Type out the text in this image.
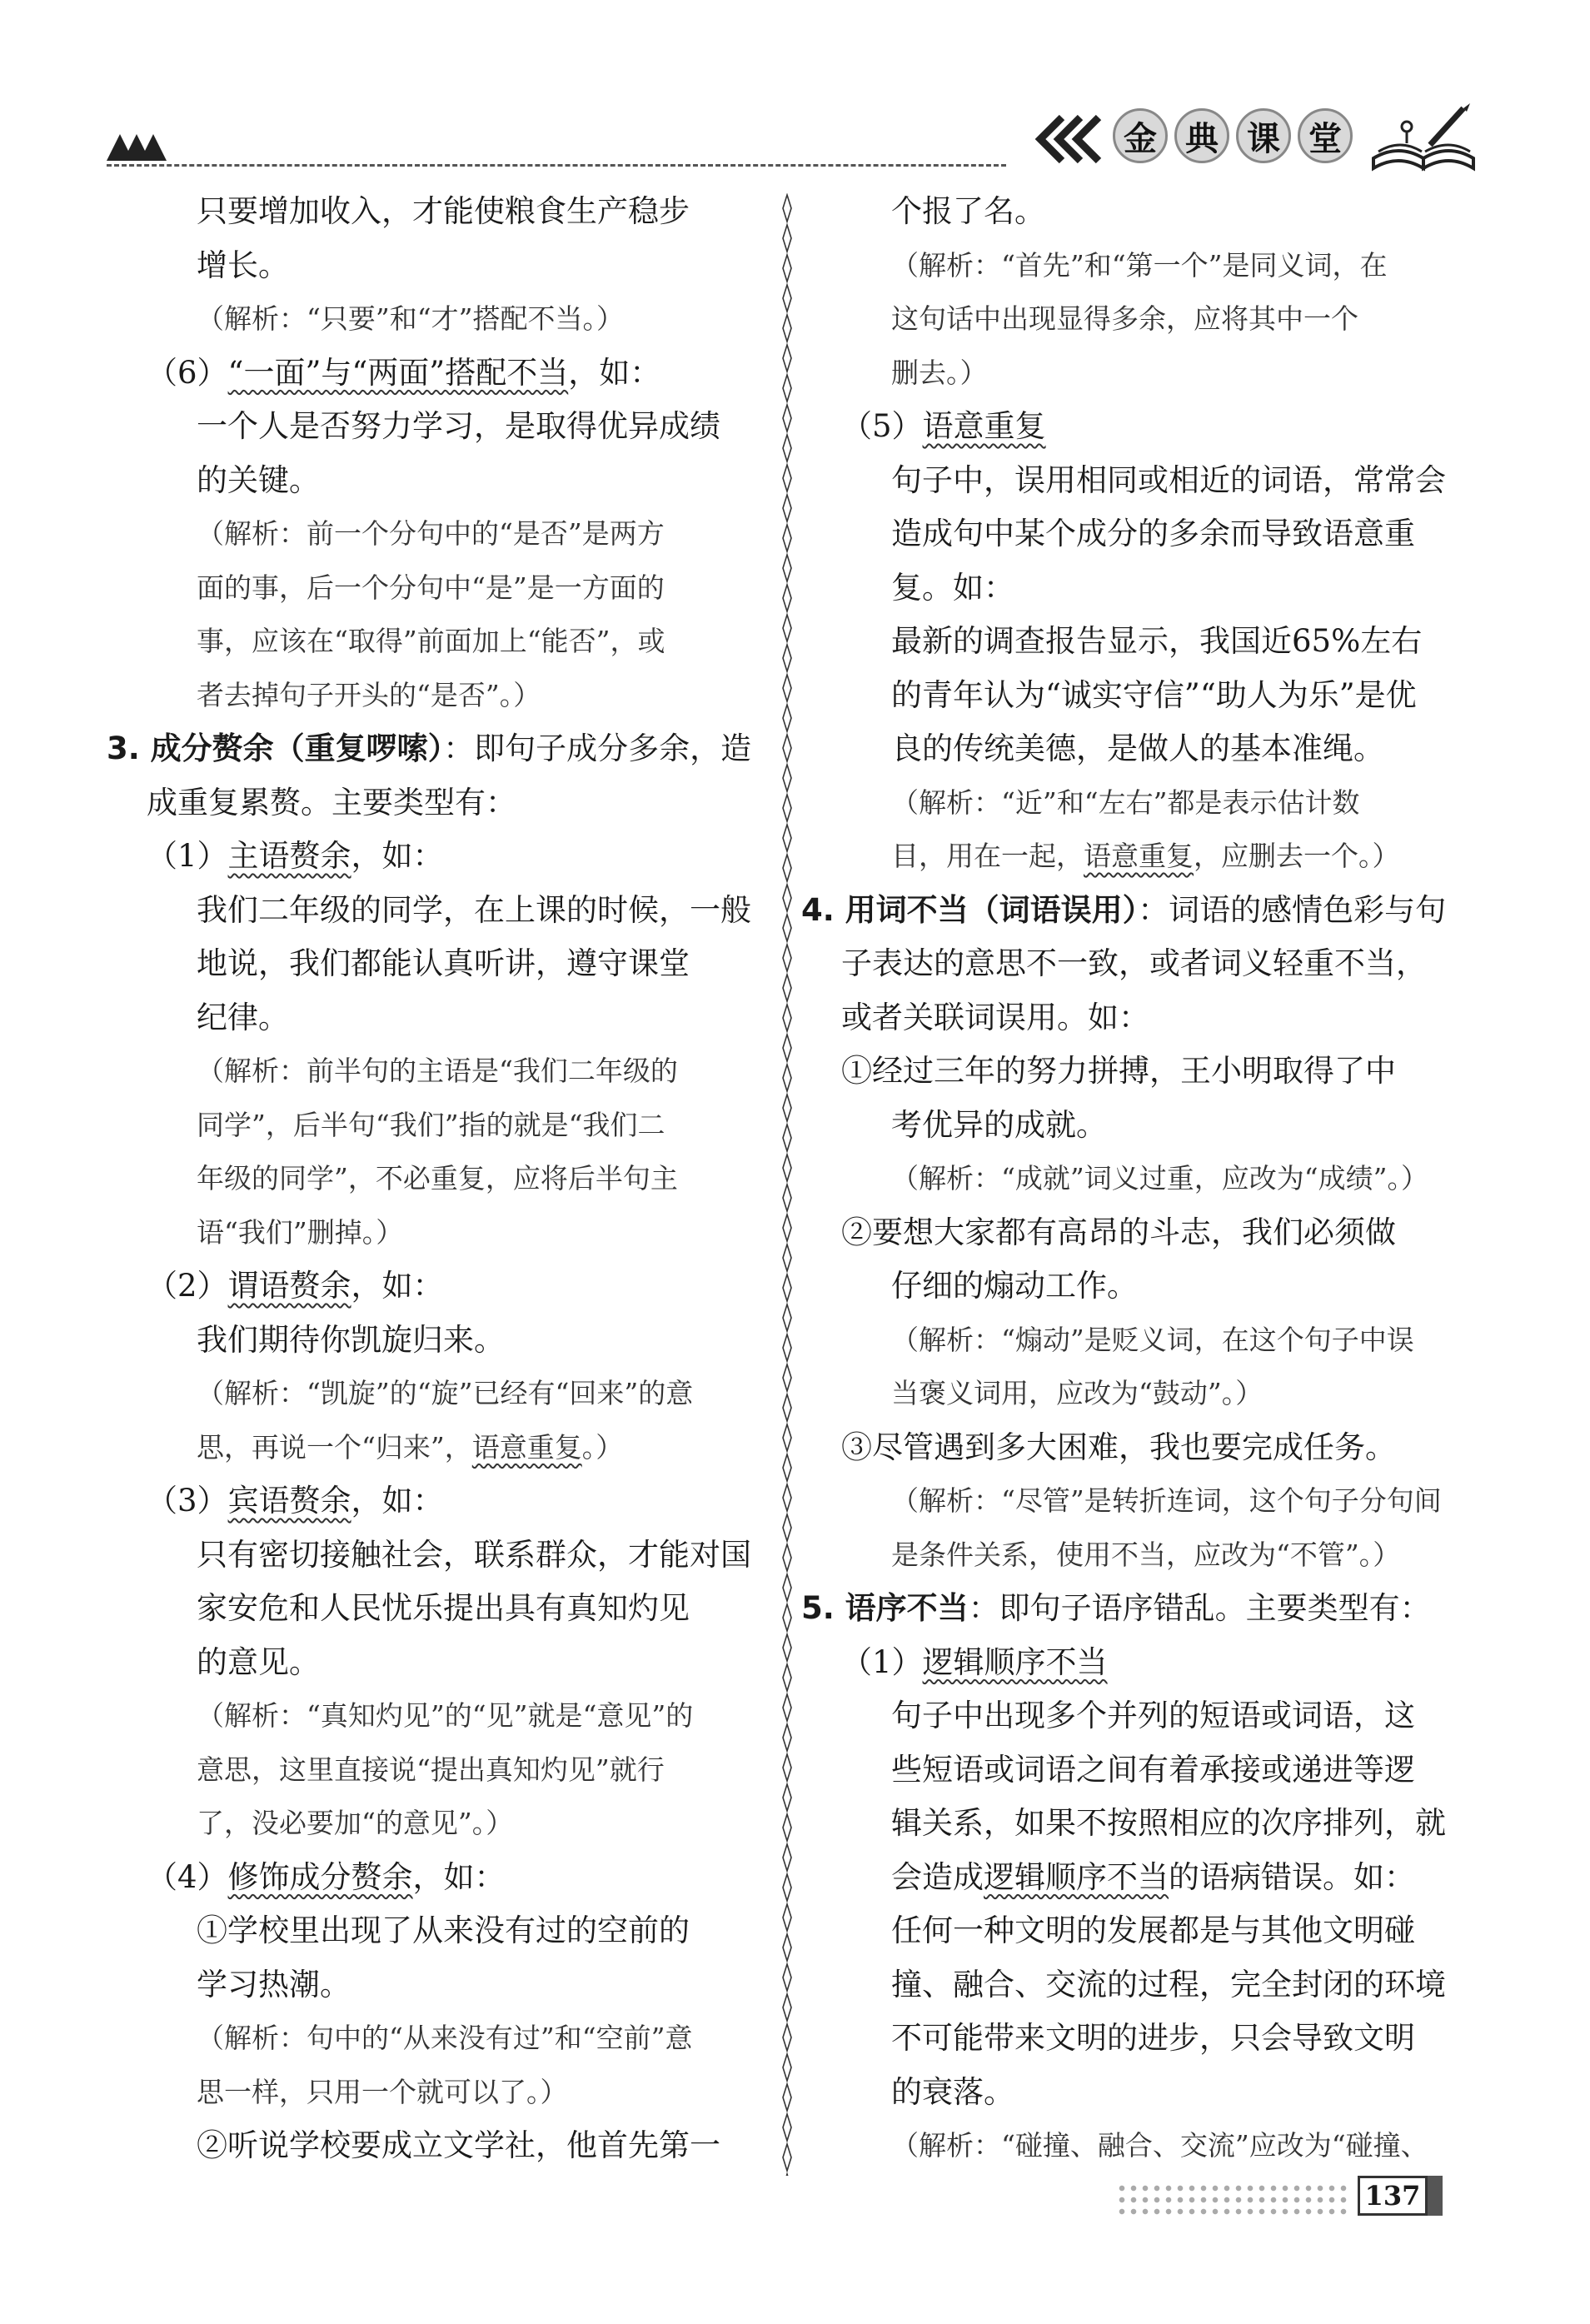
金 典 课 堂
只要增加收入，才能使粮食生产稳步
增长。
（解析：“只要”和“才”搭配不当。）
（6）“一面”与“两面”搭配不当，如：
一个人是否努力学习，是取得优异成绩
的关键。
（解析：前一个分句中的“是否”是两方
面的事，后一个分句中“是”是一方面的
事，应该在“取得”前面加上“能否”，或
者去掉句子开头的“是否”。）
3. 成分赘余（重复啰嗦）：即句子成分多余，造
成重复累赘。主要类型有：
（1）主语赘余，如：
我们二年级的同学，在上课的时候，一般
地说，我们都能认真听讲，遵守课堂
纪律。
（解析：前半句的主语是“我们二年级的
同学”，后半句“我们”指的就是“我们二
年级的同学”，不必重复，应将后半句主
语“我们”删掉。）
（2）谓语赘余，如：
我们期待你凯旋归来。
（解析：“凯旋”的“旋”已经有“回来”的意
思，再说一个“归来”，语意重复。）
（3）宾语赘余，如：
只有密切接触社会，联系群众，才能对国
家安危和人民忧乐提出具有真知灼见
的意见。
（解析：“真知灼见”的“见”就是“意见”的
意思，这里直接说“提出真知灼见”就行
了，没必要加“的意见”。）
（4）修饰成分赘余，如：
①学校里出现了从来没有过的空前的
学习热潮。
（解析：句中的“从来没有过”和“空前”意
思一样，只用一个就可以了。）
②听说学校要成立文学社，他首先第一
个报了名。
（解析：“首先”和“第一个”是同义词，在
这句话中出现显得多余，应将其中一个
删去。）
（5）语意重复
句子中，误用相同或相近的词语，常常会
造成句中某个成分的多余而导致语意重
复。如：
最新的调查报告显示，我国近65%左右
的青年认为“诚实守信”“助人为乐”是优
良的传统美德，是做人的基本准绳。
（解析：“近”和“左右”都是表示估计数
目，用在一起，语意重复，应删去一个。）
4. 用词不当（词语误用）：词语的感情色彩与句
子表达的意思不一致，或者词义轻重不当，
或者关联词误用。如：
①经过三年的努力拼搏，王小明取得了中
考优异的成就。
（解析：“成就”词义过重，应改为“成绩”。）
②要想大家都有高昂的斗志，我们必须做
仔细的煽动工作。
（解析：“煽动”是贬义词，在这个句子中误
当褒义词用，应改为“鼓动”。）
③尽管遇到多大困难，我也要完成任务。
（解析：“尽管”是转折连词，这个句子分句间
是条件关系，使用不当，应改为“不管”。）
5. 语序不当：即句子语序错乱。主要类型有：
（1）逻辑顺序不当
句子中出现多个并列的短语或词语，这
些短语或词语之间有着承接或递进等逻
辑关系，如果不按照相应的次序排列，就
会造成逻辑顺序不当的语病错误。如：
任何一种文明的发展都是与其他文明碰
撞、融合、交流的过程，完全封闭的环境
不可能带来文明的进步，只会导致文明
的衰落。
（解析：“碰撞、融合、交流”应改为“碰撞、
137
